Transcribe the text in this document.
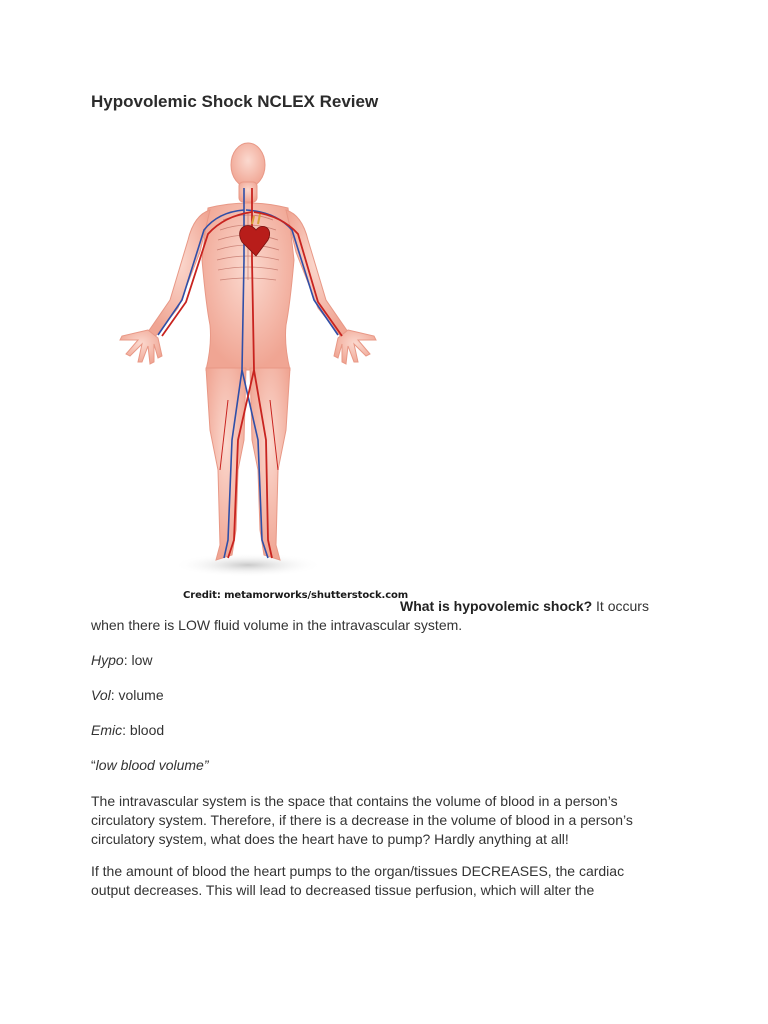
Hypovolemic Shock NCLEX Review
Credit: metamorworks/shutterstock.com
What is hypovolemic shock? It occurs

when there is LOW fluid volume in the intravascular system.

Hypo: low

Vol: volume

Emic: blood

“low blood volume”

The intravascular system is the space that contains the volume of blood in a person’s
circulatory system. Therefore, if there is a decrease in the volume of blood in a person’s
circulatory system, what does the heart have to pump? Hardly anything at all!
If the amount of blood the heart pumps to the organ/tissues DECREASES, the cardiac
output decreases. This will lead to decreased tissue perfusion, which will alter the
